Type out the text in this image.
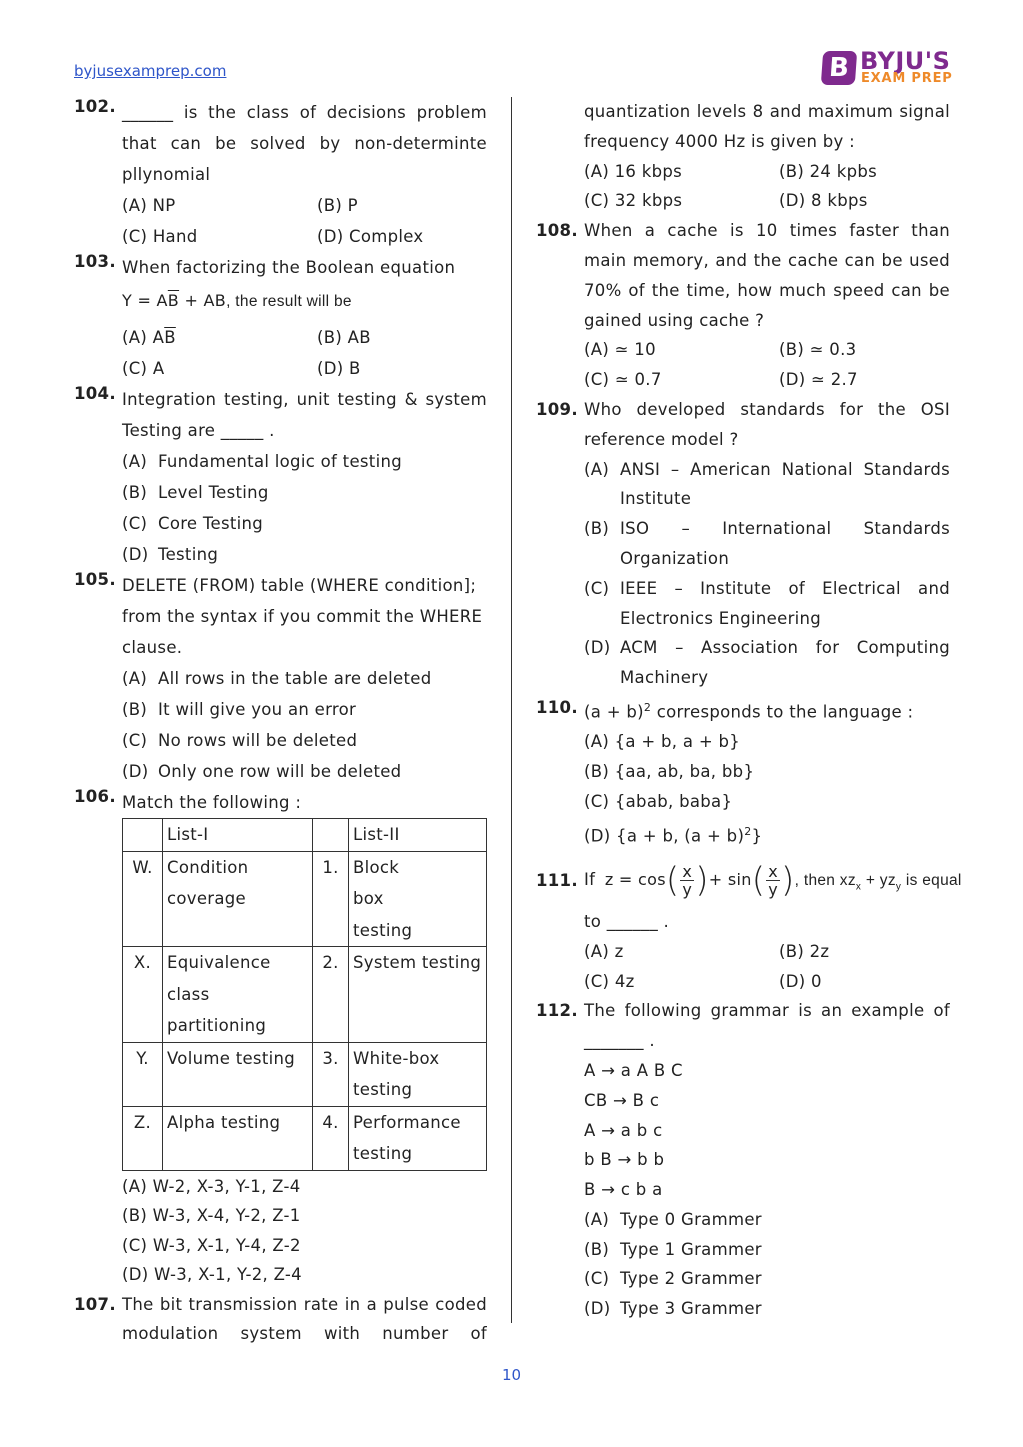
byjusexamprep.com	B BYJU'S
EXAM PREP
102. ______ is the class of decisions problem that can be solved by non-determinte pllynomial
(A) NP	(B) P
(C) Hand	(D) Complex
103. When factorizing the Boolean equation
$Y = A\overline{B}$ + AB, the result will be
(A) $A\overline{B}$	(B) AB
(C) A	(D) B
104. Integration testing, unit testing & system Testing are _____ .
(A) Fundamental logic of testing
(B) Level Testing
(C) Core Testing
(D) Testing
105. DELETE (FROM) table (WHERE condition]; from the syntax if you commit the WHERE clause.
(A) All rows in the table are deleted
(B) It will give you an error
(C) No rows will be deleted
(D) Only one row will be deleted
106. Match the following :
	List-I		List-II
W.	Condition coverage	1.	Block box testing
X.	Equivalence class partitioning	2.	System testing
Y.	Volume testing	3.	White-box testing
Z.	Alpha testing	4.	Performance testing
(A) W-2, X-3, Y-1, Z-4
(B) W-3, X-4, Y-2, Z-1
(C) W-3, X-1, Y-4, Z-2
(D) W-3, X-1, Y-2, Z-4
107. The bit transmission rate in a pulse coded modulation system with number of
quantization levels 8 and maximum signal frequency 4000 Hz is given by :
(A) 16 kbps	(B) 24 kpbs
(C) 32 kbps	(D) 8 kbps
108. When a cache is 10 times faster than main memory, and the cache can be used 70% of the time, how much speed can be gained using cache ?
(A) ≃ 10	(B) ≃ 0.3
(C) ≃ 0.7	(D) ≃ 2.7
109. Who developed standards for the OSI reference model ?
(A) ANSI – American National Standards Institute
(B) ISO – International Standards Organization
(C) IEEE – Institute of Electrical and Electronics Engineering
(D) ACM – Association for Computing Machinery
110. $(a + b)^2$ corresponds to the language :
(A) {a + b, a + b}
(B) {aa, ab, ba, bb}
(C) {abab, baba}
(D) {a + b, $(a + b)^2$}
111. If $z = \cos( \frac{x}{y}$ )+ $\sin( \frac{x}{y}$ ), then $xz_x + yz_y$ is equal
to ______ .
(A) z	(B) 2z
(C) 4z	(D) 0
112. The following grammar is an example of _______ .
A → a A B C
CB → B c
A → a b c
b B → b b
B → c b a
(A) Type 0 Grammer
(B) Type 1 Grammer
(C) Type 2 Grammer
(D) Type 3 Grammer
10
